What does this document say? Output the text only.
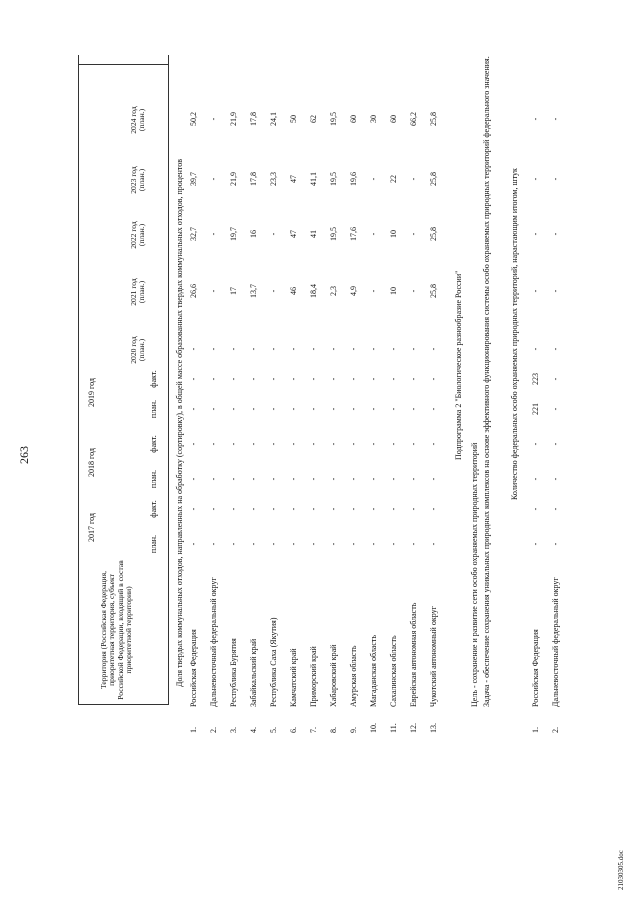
263
Территория (Российская Федерация, приоритетная территория, субъект Российской Федерации, входящий в состав приоритетной территории)
2017 год
план.
факт.
2018 год
план.
факт.
2019 год
план.
факт.
2020 год (план.)
2021 год (план.)
2022 год (план.)
2023 год (план.)
2024 год (план.)
Доля твердых коммунальных отходов, направленных на обработку (сортировку), в общей массе образованных твердых коммунальных отходов, процентов
1.
Российская Федерация
-
-
-
-
-
-
-
26,6
32,7
39,7
50,2
2.
Дальневосточный федеральный округ
-
-
-
-
-
-
-
-
-
-
-
3.
Республика Бурятия
-
-
-
-
-
-
-
17
19,7
21,9
21,9
4.
Забайкальский край
-
-
-
-
-
-
-
13,7
16
17,8
17,8
5.
Республика Саха (Якутия)
-
-
-
-
-
-
-
-
-
23,3
24,1
6.
Камчатский край
-
-
-
-
-
-
-
46
47
47
50
7.
Приморский край
-
-
-
-
-
-
-
18,4
41
41,1
62
8.
Хабаровский край
-
-
-
-
-
-
-
2,3
19,5
19,5
19,5
9.
Амурская область
-
-
-
-
-
-
-
4,9
17,6
19,6
60
10.
Магаданская область
-
-
-
-
-
-
-
-
-
-
30
11.
Сахалинская область
-
-
-
-
-
-
-
10
10
22
60
12.
Еврейская автономная область
-
-
-
-
-
-
-
-
-
-
66,2
13.
Чукотский автономный округ
-
-
-
-
-
-
-
25,8
25,8
25,8
25,8
Подпрограмма 2 "Биологическое разнообразие России"
Цель - сохранение и развитие сети особо охраняемых природных территорий Задача - обеспечение сохранения уникальных природных комплексов на основе эффективного функционирования системы особо охраняемых природных территорий федерального значения. Количество федеральных особо охраняемых природных территорий, нарастающим итогом, штук
1.
Российская Федерация
-
-
-
-
221
223
-
-
-
-
-
2.
Дальневосточный федеральный округ
-
-
-
-
-
-
-
-
-
-
-
21030305.doc
